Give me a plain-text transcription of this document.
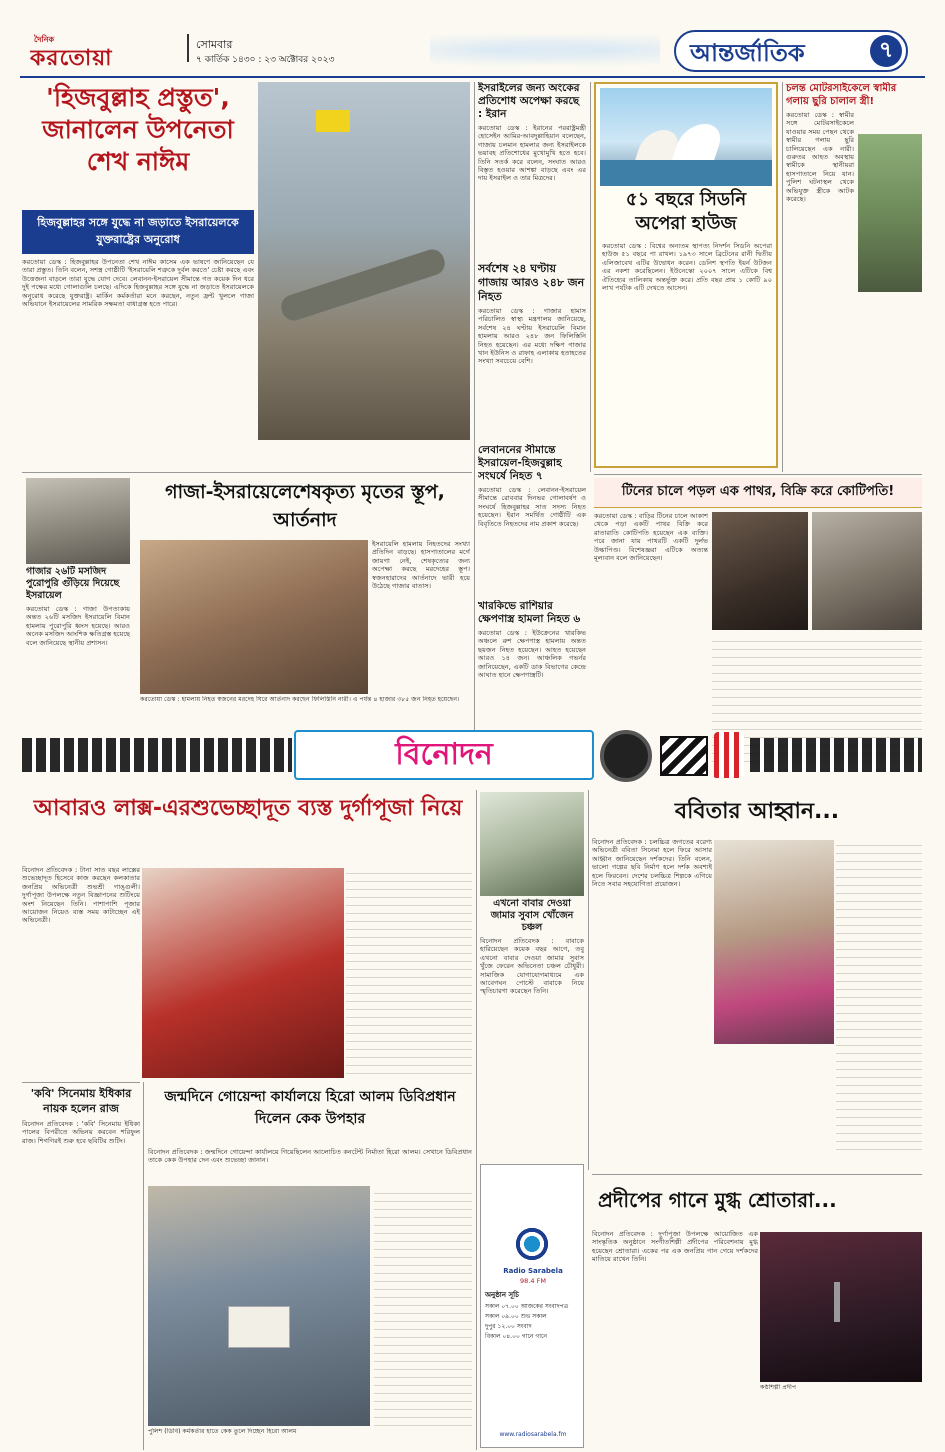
দৈনিক
করতোয়া
সোমবার
৭ কার্তিক ১৪৩০ : ২৩ অক্টোবর ২০২৩	আন্তর্জাতিক	৭
'হিজবুল্লাহ প্রস্তুত', জানালেন উপনেতা শেখ নাঈম
হিজবুল্লাহর সঙ্গে যুদ্ধে না জড়াতে ইসরায়েলকে যুক্তরাষ্ট্রের অনুরোধ

করতোয়া ডেস্ক : হিজবুল্লাহর উপনেতা শেখ নাঈম কাসেম এক ভাষণে জানিয়েছেন যে তারা প্রস্তুত। তিনি বলেন, সশস্ত্র গোষ্ঠীটি 'ইসরায়েলি শত্রুকে দুর্বল করতে' চেষ্টা করছে এবং উত্তেজনা বাড়লে তারা যুদ্ধে যোগ দেবে। লেবানন-ইসরায়েল সীমান্তে গত কয়েক দিন ধরে দুই পক্ষের মধ্যে গোলাগুলি চলছে। এদিকে হিজবুল্লাহর সঙ্গে যুদ্ধে না জড়াতে ইসরায়েলকে অনুরোধ করেছে যুক্তরাষ্ট্র। মার্কিন কর্মকর্তারা মনে করছেন, নতুন ফ্রন্ট খুললে গাজা অভিযানে ইসরায়েলের সামরিক সক্ষমতা বাধাগ্রস্ত হতে পারে।

ইসরাইলের জন্য অংকের প্রতিশোধ অপেক্ষা করছে : ইরান
করতোয়া ডেস্ক : ইরানের পররাষ্ট্রমন্ত্রী হোসেইন আমির-আবদুল্লাহিয়ান বলেছেন, গাজায় চলমান হামলার জন্য ইসরাইলকে ভয়াবহ প্রতিশোধের মুখোমুখি হতে হবে। তিনি সতর্ক করে বলেন, সংঘাত আরও বিস্তৃত হওয়ার আশঙ্কা বাড়ছে এবং এর দায় ইসরাইল ও তার মিত্রদের।
সর্বশেষ ২৪ ঘণ্টায় গাজায় আরও ২৪৮ জন নিহত
করতোয়া ডেস্ক : গাজার হামাস পরিচালিত স্বাস্থ্য মন্ত্রণালয় জানিয়েছে, সর্বশেষ ২৪ ঘণ্টায় ইসরায়েলি বিমান হামলায় আরও ২৪৮ জন ফিলিস্তিনি নিহত হয়েছেন। এর মধ্যে দক্ষিণ গাজার খান ইউনিস ও রাফাহ এলাকায় হতাহতের সংখ্যা সবচেয়ে বেশি।
লেবাননের সীমান্তে ইসরায়েল-হিজবুল্লাহ সংঘর্ষে নিহত ৭
করতোয়া ডেস্ক : লেবানন-ইসরায়েল সীমান্তে রোববার দিনভর গোলাবর্ষণ ও সংঘর্ষে হিজবুল্লাহর সাত সদস্য নিহত হয়েছেন। ইরান সমর্থিত গোষ্ঠীটি এক বিবৃতিতে নিহতদের নাম প্রকাশ করেছে।
খারকিভে রাশিয়ার ক্ষেপণাস্ত্র হামলা নিহত ৬
করতোয়া ডেস্ক : ইউক্রেনের খারকিভ অঞ্চলে রুশ ক্ষেপণাস্ত্র হামলায় অন্তত ছয়জন নিহত হয়েছেন। আহত হয়েছেন আরও ১৪ জন। আঞ্চলিক গভর্নর জানিয়েছেন, একটি ডাক বিভাগের কেন্দ্রে আঘাত হানে ক্ষেপণাস্ত্রটি।
৫১ বছরে সিডনি অপেরা হাউজ
করতোয়া ডেস্ক : বিশ্বের অন্যতম স্থাপত্য নিদর্শন সিডনি অপেরা হাউজ ৫১ বছরে পা রাখল। ১৯৭৩ সালে ব্রিটেনের রানী দ্বিতীয় এলিজাবেথ এটির উদ্বোধন করেন। ডেনিশ স্থপতি ইয়র্ন উটজন এর নকশা করেছিলেন। ইউনেস্কো ২০০৭ সালে এটিকে বিশ্ব ঐতিহ্যের তালিকায় অন্তর্ভুক্ত করে। প্রতি বছর প্রায় ১ কোটি ৯০ লাখ পর্যটক এটি দেখতে আসেন।
চলন্ত মোটরসাইকেলে স্বামীর গলায় ছুরি চালাল স্ত্রী!
করতোয়া ডেস্ক : স্বামীর সঙ্গে মোটরসাইকেলে যাওয়ার সময় পেছন থেকে স্বামীর গলায় ছুরি চালিয়েছেন এক নারী। গুরুতর আহত অবস্থায় স্বামীকে স্থানীয়রা হাসপাতালে নিয়ে যান। পুলিশ ঘটনাস্থল থেকে অভিযুক্ত স্ত্রীকে আটক করেছে।
গাজার ২৬টি মসজিদ পুরোপুরি গুঁড়িয়ে দিয়েছে ইসরায়েল
করতোয়া ডেস্ক : গাজা উপত্যকায় অন্তত ২৬টি মসজিদ ইসরায়েলি বিমান হামলায় পুরোপুরি ধ্বংস হয়েছে। আরও অনেক মসজিদ আংশিক ক্ষতিগ্রস্ত হয়েছে বলে জানিয়েছে স্থানীয় প্রশাসন।
গাজা-ইসরায়েলেশেষকৃত্য মৃতের স্তূপ, আর্তনাদ

ইসরায়েলি হামলায় নিহতদের সংখ্যা প্রতিদিন বাড়ছে। হাসপাতালের মর্গে জায়গা নেই, শেষকৃত্যের জন্য অপেক্ষা করছে মরদেহের স্তূপ। স্বজনহারাদের আর্তনাদে ভারী হয়ে উঠেছে গাজার বাতাস।

করতোয়া ডেস্ক : হামলায় নিহত স্বজনের মরদেহ ঘিরে আর্তনাদ করছেন ফিলিস্তিনি নারী। এ পর্যন্ত ৪ হাজার ৩৮৫ জন নিহত হয়েছেন।
টিনের চালে পড়ল এক পাথর, বিক্রি করে কোটিপতি!

করতোয়া ডেস্ক : বাড়ির টিনের চালে আকাশ থেকে পড়া একটি পাথর বিক্রি করে রাতারাতি কোটিপতি হয়েছেন এক ব্যক্তি। পরে জানা যায় পাথরটি একটি দুর্লভ উল্কাপিণ্ড। বিশেষজ্ঞরা এটিকে অত্যন্ত মূল্যবান বলে জানিয়েছেন।

বিনোদন
আবারও লাক্স-এরশুভেচ্ছাদূত ব্যস্ত দুর্গাপূজা নিয়ে

বিনোদন প্রতিবেদক : টানা সাত বছর লাক্সের শুভেচ্ছাদূত হিসেবে কাজ করছেন কলকাতার জনপ্রিয় অভিনেত্রী শুভশ্রী গাঙ্গুলী। দুর্গাপূজা উপলক্ষে নতুন বিজ্ঞাপনের শুটিংয়ে অংশ নিয়েছেন তিনি। পাশাপাশি পূজার আয়োজন নিয়েও ব্যস্ত সময় কাটাচ্ছেন এই অভিনেত্রী।

এখনো বাবার দেওয়া জামার সুবাস খোঁজেন চঞ্চল
বিনোদন প্রতিবেদক : বাবাকে হারিয়েছেন কয়েক বছর আগে, তবু এখনো বাবার দেওয়া জামার সুবাস খুঁজে ফেরেন অভিনেতা চঞ্চল চৌধুরী। সামাজিক যোগাযোগমাধ্যমে এক আবেগঘন পোস্টে বাবাকে নিয়ে স্মৃতিচারণা করেছেন তিনি।
ববিতার আহ্বান...

বিনোদন প্রতিবেদক : চলচ্চিত্র জগতের বরেণ্য অভিনেত্রী ববিতা সিনেমা হলে ফিরে আসার আহ্বান জানিয়েছেন দর্শকদের। তিনি বলেন, ভালো গল্পের ছবি নির্মাণ হলে দর্শক অবশ্যই হলে ফিরবেন। দেশের চলচ্চিত্র শিল্পকে এগিয়ে নিতে সবার সহযোগিতা প্রয়োজন।

'কবি' সিনেমায় ইধিকার নায়ক হলেন রাজ
বিনোদন প্রতিবেদক : 'কবি' সিনেমায় ইধিকা পালের বিপরীতে অভিনয় করবেন শরিফুল রাজ। শিগগিরই শুরু হবে ছবিটির শুটিং।
জন্মদিনে গোয়েন্দা কার্যালয়ে হিরো আলম ডিবিপ্রধান দিলেন কেক উপহার

বিনোদন প্রতিবেদক : জন্মদিনে গোয়েন্দা কার্যালয়ে গিয়েছিলেন আলোচিত কনটেন্ট নির্মাতা হিরো আলম। সেখানে ডিবিপ্রধান তাকে কেক উপহার দেন এবং শুভেচ্ছা জানান।

পুলিশ (ডিবি) কর্মকর্তার হাতে কেক তুলে দিচ্ছেন হিরো আলম
Radio Sarabela
98.4 FM
অনুষ্ঠান সূচি
সকাল ০৭.০০ আজকের সংবাদপত্র
সকাল ০৯.০০ শুভ সকাল
দুপুর ১২.০০ সংবাদ
বিকাল ০৪.০০ গানে গানে
www.radiosarabela.fm
প্রদীপের গানে মুগ্ধ শ্রোতারা...

বিনোদন প্রতিবেদক : দুর্গাপূজা উপলক্ষে আয়োজিত এক সাংস্কৃতিক অনুষ্ঠানে সংগীতশিল্পী প্রদীপের পরিবেশনায় মুগ্ধ হয়েছেন শ্রোতারা। একের পর এক জনপ্রিয় গান গেয়ে দর্শকদের মাতিয়ে রাখেন তিনি।

কণ্ঠশিল্পী প্রদীপ
